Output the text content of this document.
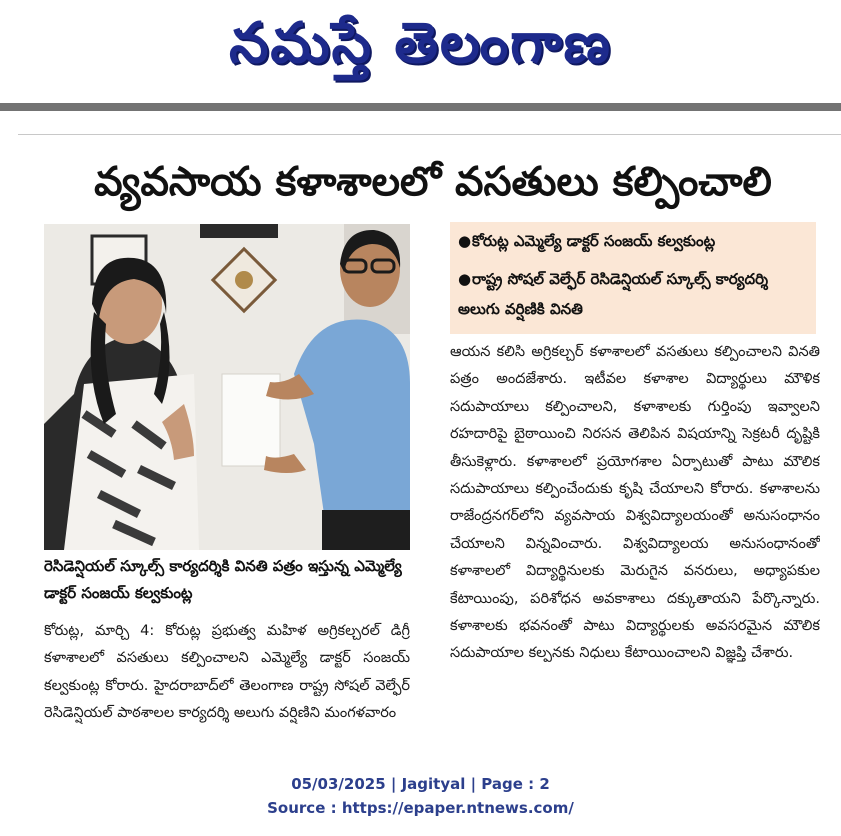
నమస్తే తెలంగాణ
వ్యవసాయ కళాశాలలో వసతులు కల్పించాలి
రెసిడెన్షియల్ స్కూల్స్ కార్యదర్శికి వినతి పత్రం ఇస్తున్న ఎమ్మెల్యే డాక్టర్ సంజయ్ కల్వకుంట్ల
●కోరుట్ల ఎమ్మెల్యే డాక్టర్ సంజయ్ కల్వకుంట్ల
●రాష్ట్ర సోషల్ వెల్ఫేర్ రెసిడెన్షియల్ స్కూల్స్ కార్యదర్శి అలుగు వర్షిణికి వినతి
కోరుట్ల, మార్చి 4: కోరుట్ల ప్రభుత్వ మహిళ అగ్రికల్చరల్ డిగ్రీ కళాశాలలో వసతులు కల్పించాలని ఎమ్మెల్యే డాక్టర్ సంజయ్ కల్వకుంట్ల కోరారు. హైదరాబాద్‌లో తెలంగాణ రాష్ట్ర సోషల్ వెల్ఫేర్ రెసిడెన్షియల్ పాఠశాలల కార్యదర్శి అలుగు వర్షిణిని మంగళవారం
ఆయన కలిసి అగ్రికల్చర్ కళాశాలలో వసతులు కల్పించాలని వినతి పత్రం అందజేశారు. ఇటీవల కళాశాల విద్యార్థులు మౌళిక సదుపాయాలు కల్పించాలని, కళాశాలకు గుర్తింపు ఇవ్వాలని రహదారిపై బైఠాయించి నిరసన తెలిపిన విషయాన్ని సెక్రటరీ దృష్టికి తీసుకెళ్లారు. కళాశాలలో ప్రయోగశాల ఏర్పాటుతో పాటు మౌలిక సదుపాయాలు కల్పించేందుకు కృషి చేయాలని కోరారు. కళాశాలను రాజేంద్రనగర్‌లోని వ్యవసాయ విశ్వవిద్యాలయంతో అనుసంధానం చేయాలని విన్నవించారు. విశ్వవిద్యాలయ అనుసంధానంతో కళాశాలలో విద్యార్థినులకు మెరుగైన వనరులు, అధ్యాపకుల కేటాయింపు, పరిశోధన అవకాశాలు దక్కుతాయని పేర్కొన్నారు. కళాశాలకు భవనంతో పాటు విద్యార్థులకు అవసరమైన మౌలిక సదుపాయాల కల్పనకు నిధులు కేటాయించాలని విజ్ఞప్తి చేశారు.
05/03/2025 | Jagityal | Page : 2
Source : https://epaper.ntnews.com/
